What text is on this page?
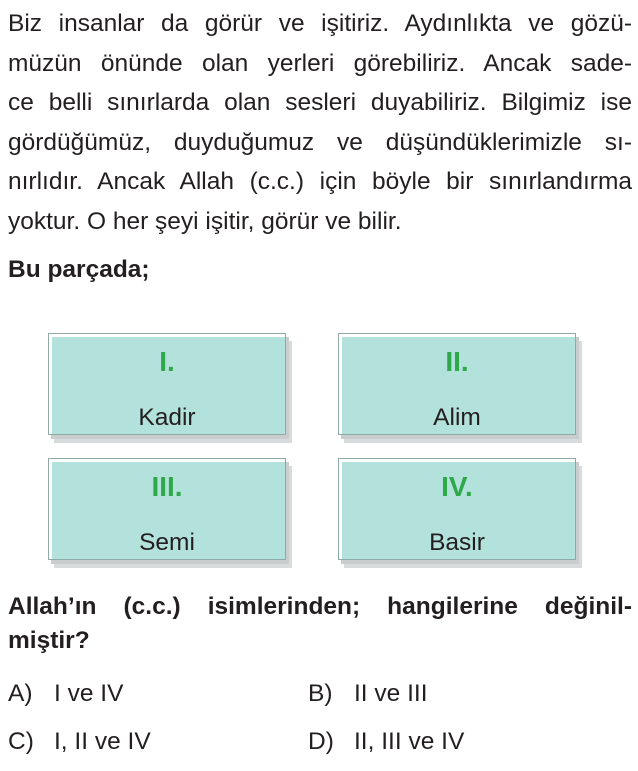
Biz insanlar da görür ve işitiriz. Aydınlıkta ve gözü-
müzün önünde olan yerleri görebiliriz. Ancak sade-
ce belli sınırlarda olan sesleri duyabiliriz. Bilgimiz ise
gördüğümüz, duyduğumuz ve düşündüklerimizle sı-
nırlıdır. Ancak Allah (c.c.) için böyle bir sınırlandırma
yoktur. O her şeyi işitir, görür ve bilir.

Bu parçada;

I.
Kadir
II.
Alim
III.
Semi
IV.
Basir
Allah’ın (c.c.) isimlerinden; hangilerine değinil-
miştir?
A) I ve IV	B) II ve III
C) I, II ve IV	D) II, III ve IV
